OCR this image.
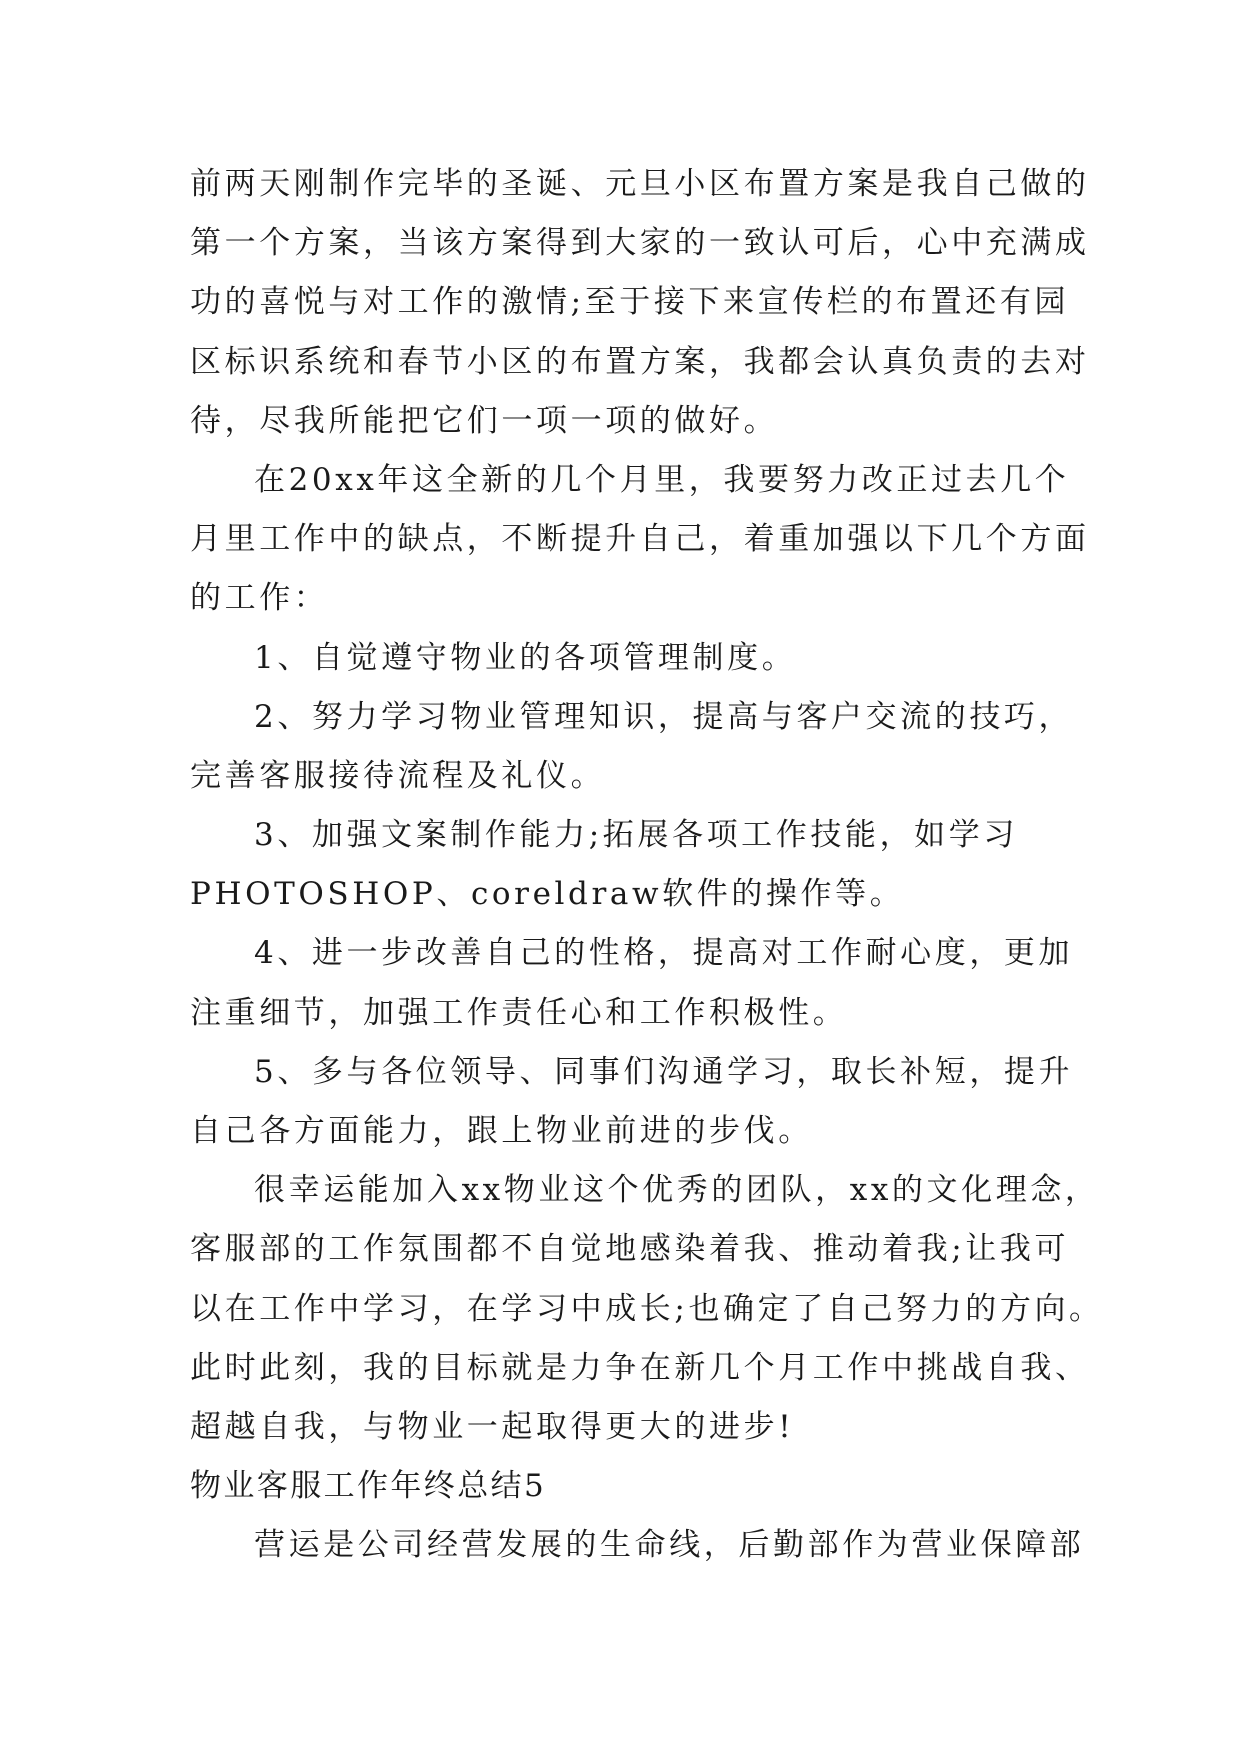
前两天刚制作完毕的圣诞、元旦小区布置方案是我自己做的
第一个方案，当该方案得到大家的一致认可后，心中充满成
功的喜悦与对工作的激情;至于接下来宣传栏的布置还有园
区标识系统和春节小区的布置方案，我都会认真负责的去对
待，尽我所能把它们一项一项的做好。
在20xx年这全新的几个月里，我要努力改正过去几个
月里工作中的缺点，不断提升自己，着重加强以下几个方面
的工作：
1、自觉遵守物业的各项管理制度。
2、努力学习物业管理知识，提高与客户交流的技巧，
完善客服接待流程及礼仪。
3、加强文案制作能力;拓展各项工作技能，如学习
PHOTOSHOP、coreldraw软件的操作等。
4、进一步改善自己的性格，提高对工作耐心度，更加
注重细节，加强工作责任心和工作积极性。
5、多与各位领导、同事们沟通学习，取长补短，提升
自己各方面能力，跟上物业前进的步伐。
很幸运能加入xx物业这个优秀的团队，xx的文化理念，
客服部的工作氛围都不自觉地感染着我、推动着我;让我可
以在工作中学习，在学习中成长;也确定了自己努力的方向。
此时此刻，我的目标就是力争在新几个月工作中挑战自我、
超越自我，与物业一起取得更大的进步!
物业客服工作年终总结5
营运是公司经营发展的生命线，后勤部作为营业保障部
